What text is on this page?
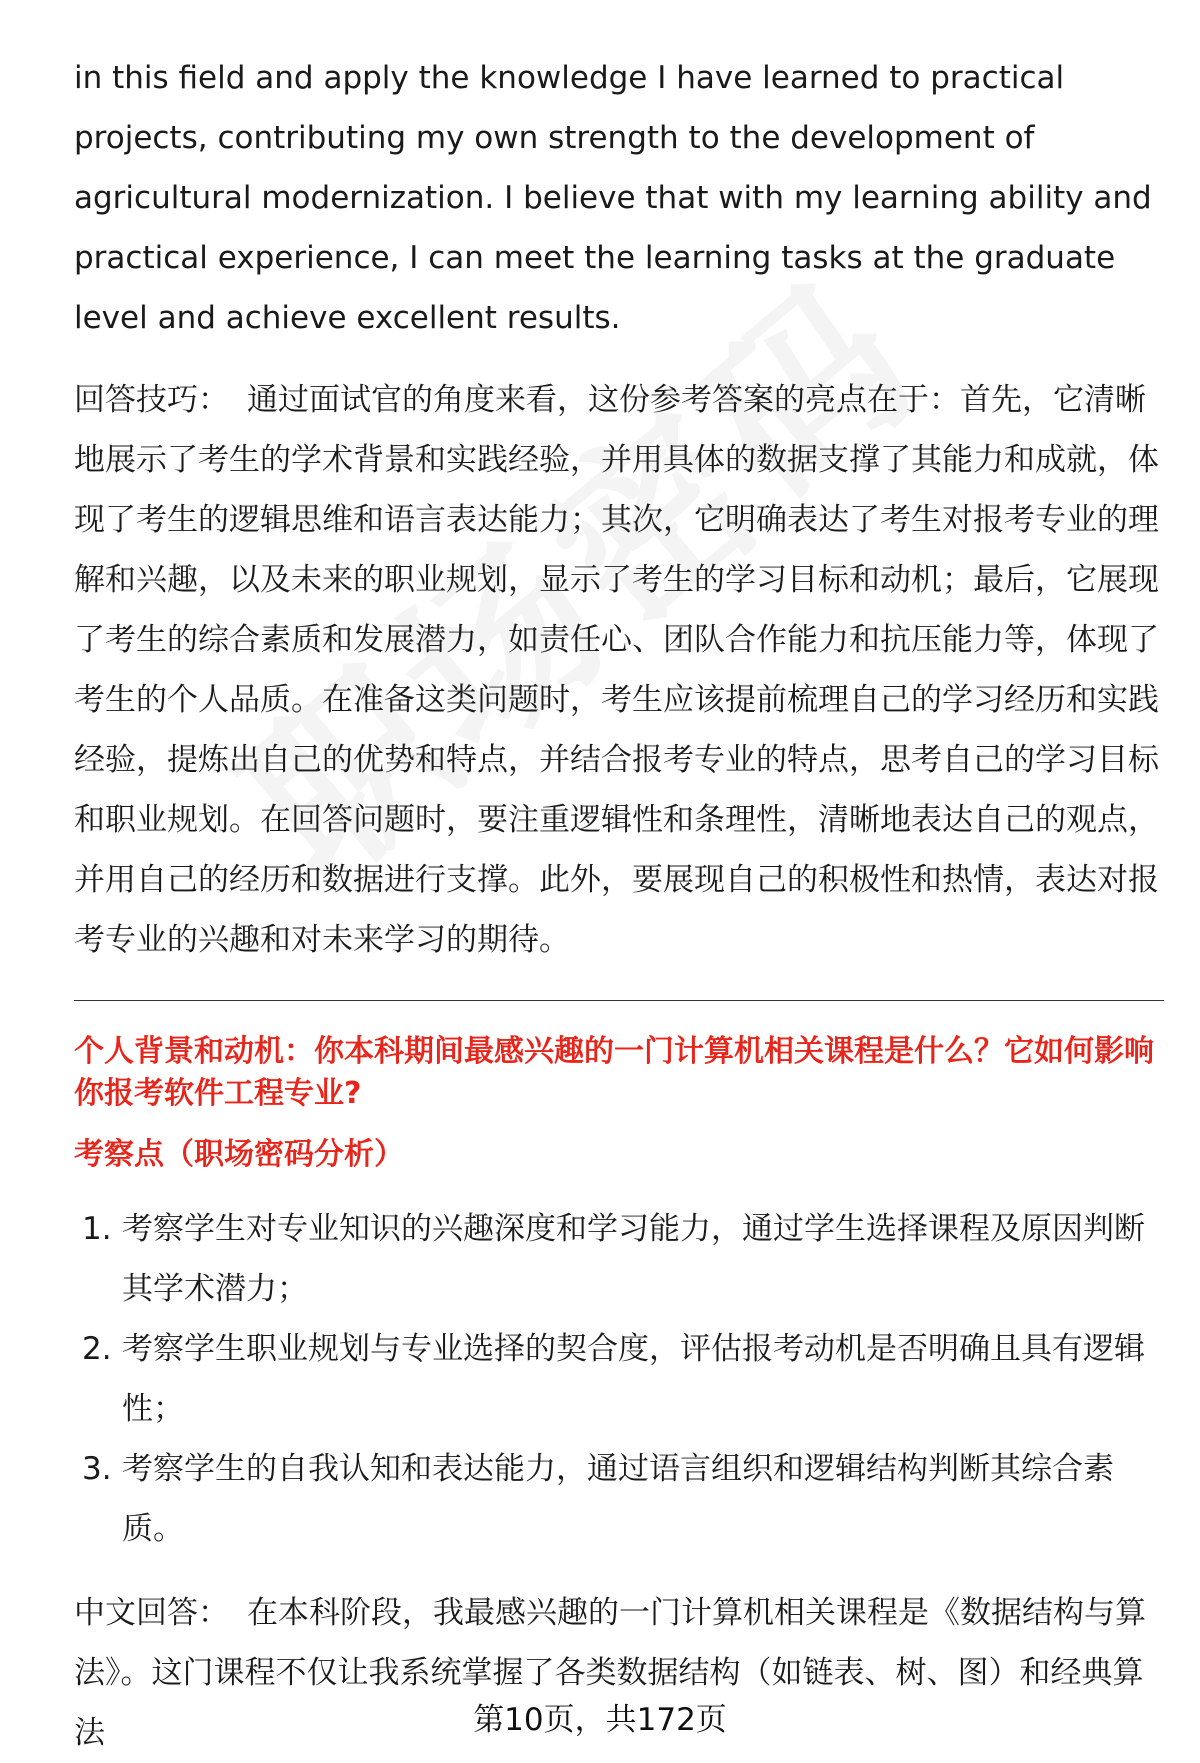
in this field and apply the knowledge I have learned to practical projects, contributing my own strength to the development of agricultural modernization. I believe that with my learning ability and practical experience, I can meet the learning tasks at the graduate level and achieve excellent results.

回答技巧： 通过面试官的角度来看，这份参考答案的亮点在于：首先，它清晰地展示了考生的学术背景和实践经验，并用具体的数据支撑了其能力和成就，体现了考生的逻辑思维和语言表达能力；其次，它明确表达了考生对报考专业的理解和兴趣，以及未来的职业规划，显示了考生的学习目标和动机；最后，它展现了考生的综合素质和发展潜力，如责任心、团队合作能力和抗压能力等，体现了考生的个人品质。在准备这类问题时，考生应该提前梳理自己的学习经历和实践经验，提炼出自己的优势和特点，并结合报考专业的特点，思考自己的学习目标和职业规划。在回答问题时，要注重逻辑性和条理性，清晰地表达自己的观点，并用自己的经历和数据进行支撑。此外，要展现自己的积极性和热情，表达对报考专业的兴趣和对未来学习的期待。

个人背景和动机：你本科期间最感兴趣的一门计算机相关课程是什么？它如何影响你报考软件工程专业?

考察点（职场密码分析）

1. 考察学生对专业知识的兴趣深度和学习能力，通过学生选择课程及原因判断其学术潜力；
2. 考察学生职业规划与专业选择的契合度，评估报考动机是否明确且具有逻辑性；
3. 考察学生的自我认知和表达能力，通过语言组织和逻辑结构判断其综合素质。

中文回答： 在本科阶段，我最感兴趣的一门计算机相关课程是《数据结构与算法》。这门课程不仅让我系统掌握了各类数据结构（如链表、树、图）和经典算法	第10页，共172页
